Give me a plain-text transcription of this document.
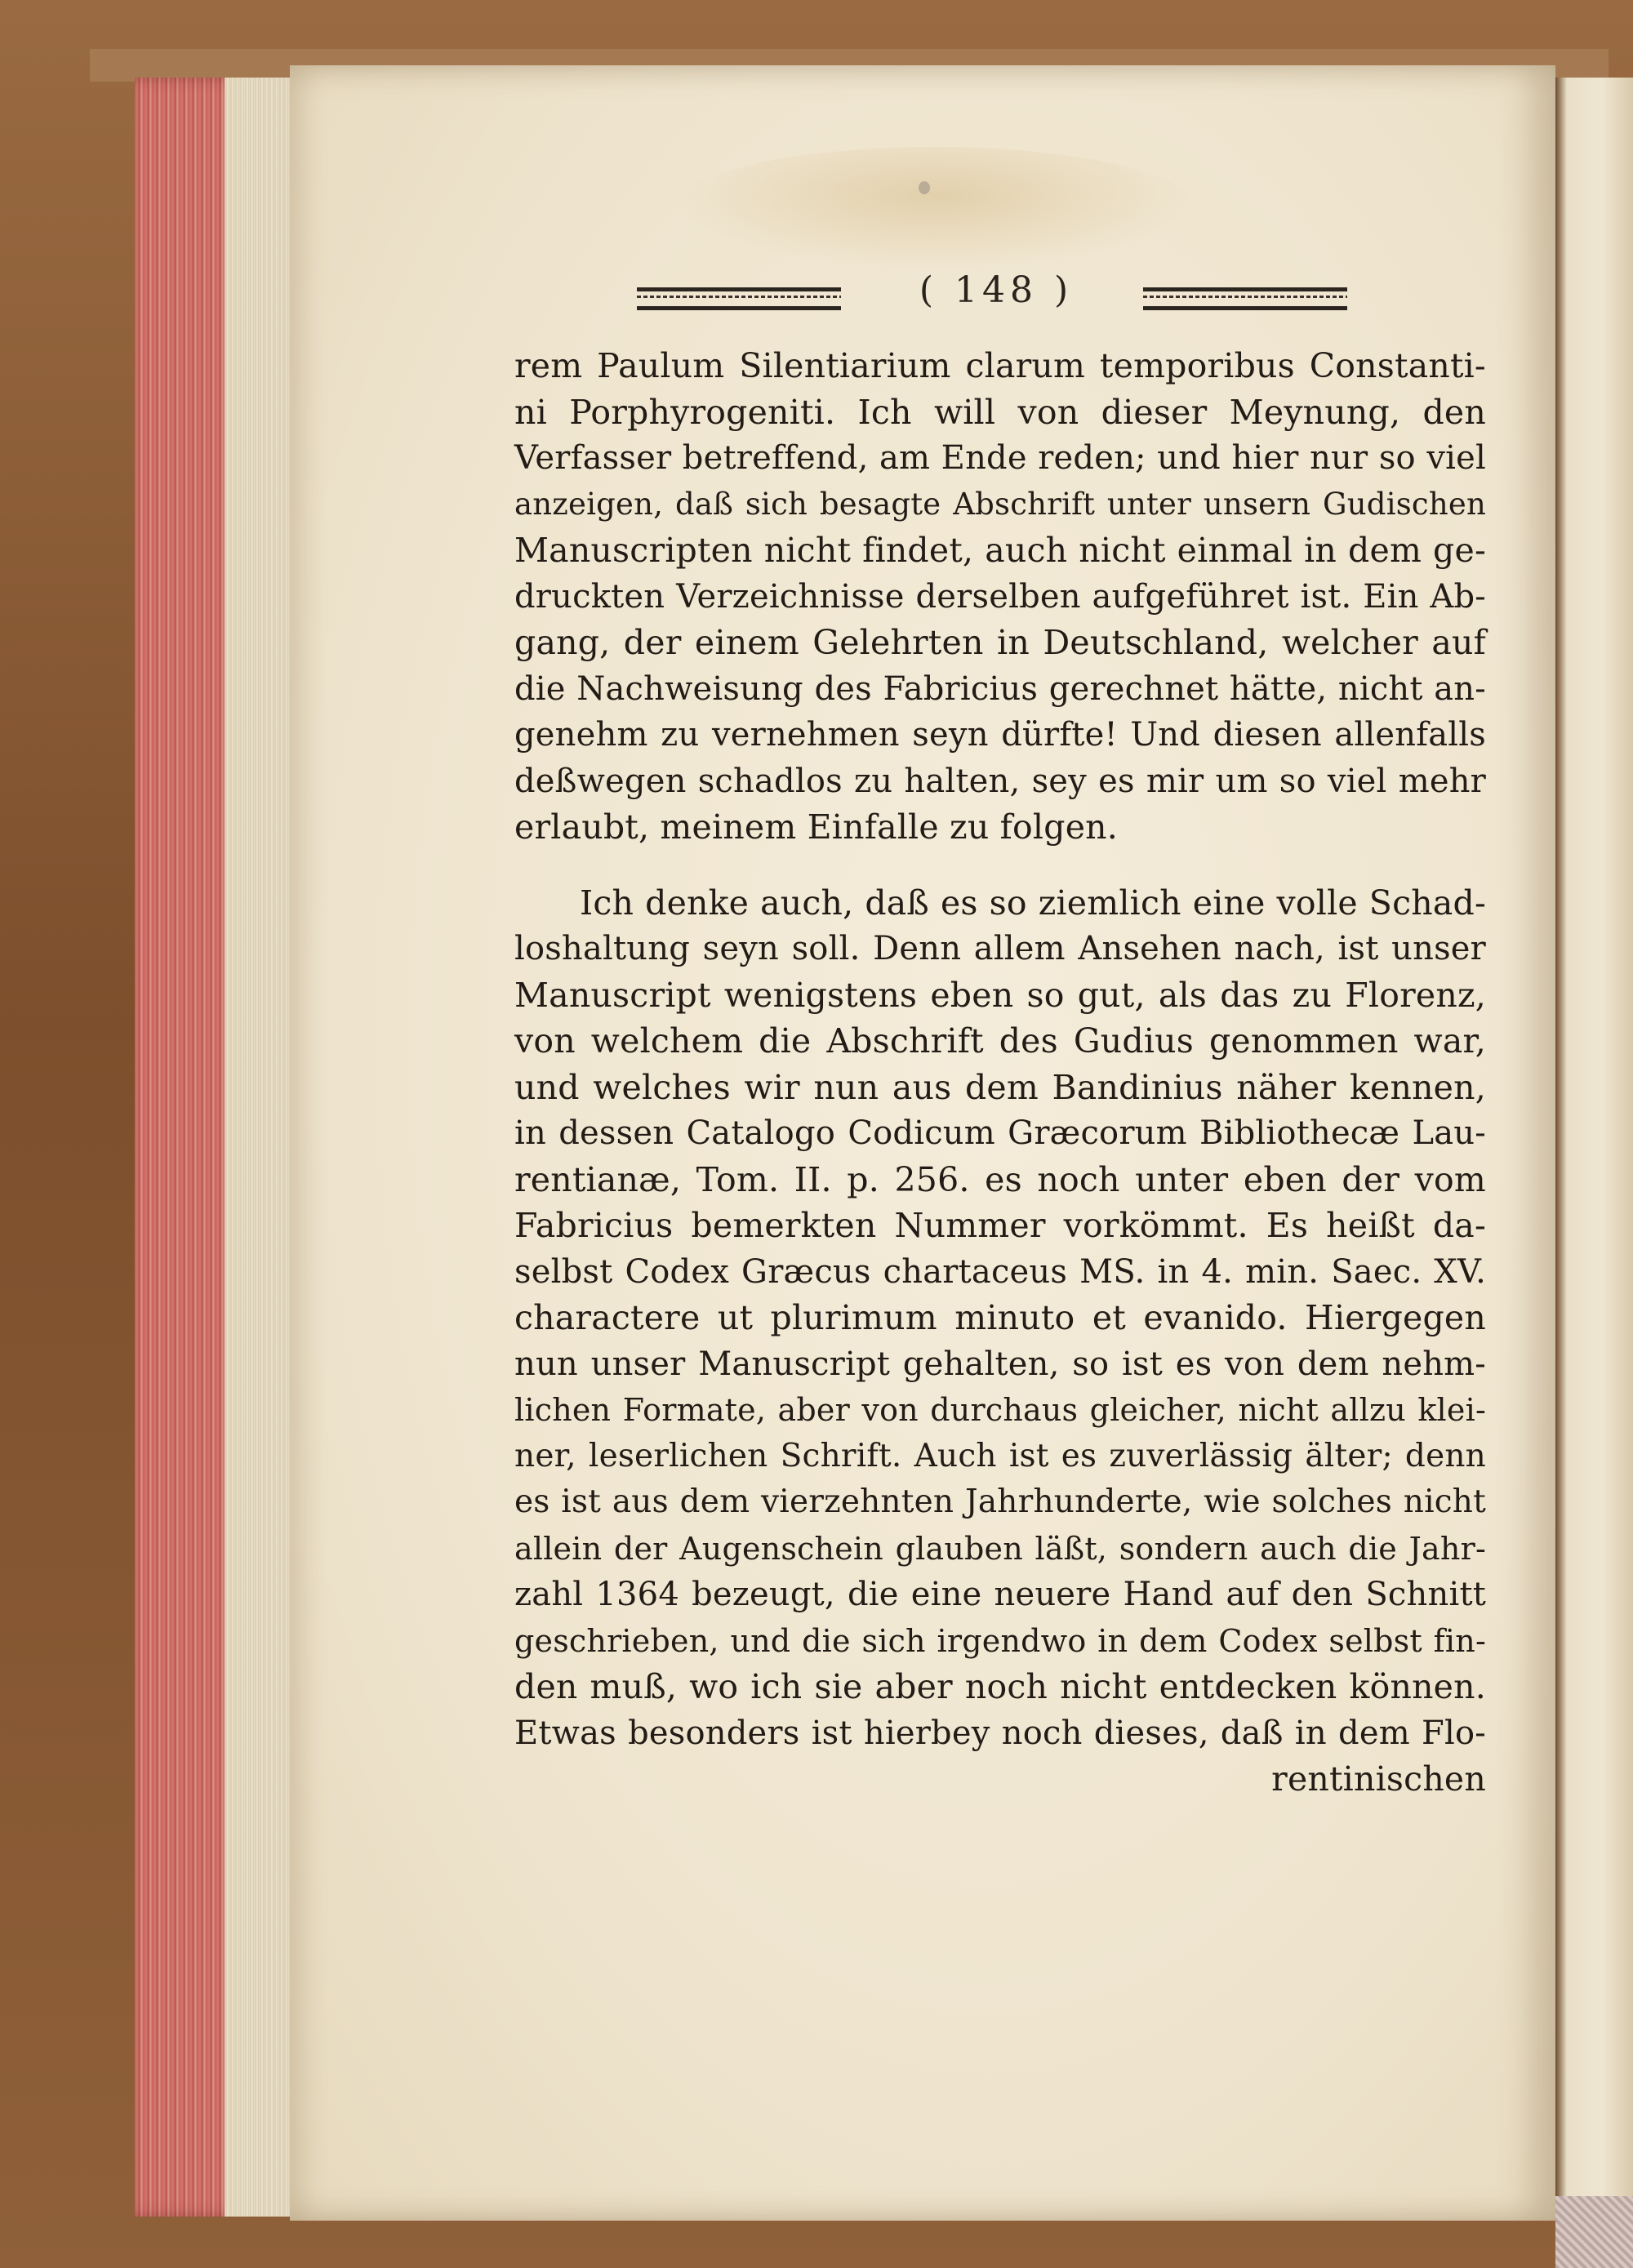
( 148 )
rem Paulum Silentiarium clarum temporibus Constanti-
ni Porphyrogeniti. Ich will von dieser Meynung, den
Verfasser betreffend, am Ende reden; und hier nur so viel
anzeigen, daß sich besagte Abschrift unter unsern Gudischen
Manuscripten nicht findet, auch nicht einmal in dem ge-
druckten Verzeichnisse derselben aufgeführet ist. Ein Ab-
gang, der einem Gelehrten in Deutschland, welcher auf
die Nachweisung des Fabricius gerechnet hätte, nicht an-
genehm zu vernehmen seyn dürfte! Und diesen allenfalls
deßwegen schadlos zu halten, sey es mir um so viel mehr
erlaubt, meinem Einfalle zu folgen.
Ich denke auch, daß es so ziemlich eine volle Schad-
loshaltung seyn soll. Denn allem Ansehen nach, ist unser
Manuscript wenigstens eben so gut, als das zu Florenz,
von welchem die Abschrift des Gudius genommen war,
und welches wir nun aus dem Bandinius näher kennen,
in dessen Catalogo Codicum Græcorum Bibliothecæ Lau-
rentianæ, Tom. II. p. 256. es noch unter eben der vom
Fabricius bemerkten Nummer vorkömmt. Es heißt da-
selbst Codex Græcus chartaceus MS. in 4. min. Saec. XV.
charactere ut plurimum minuto et evanido. Hiergegen
nun unser Manuscript gehalten, so ist es von dem nehm-
lichen Formate, aber von durchaus gleicher, nicht allzu klei-
ner, leserlichen Schrift. Auch ist es zuverlässig älter; denn
es ist aus dem vierzehnten Jahrhunderte, wie solches nicht
allein der Augenschein glauben läßt, sondern auch die Jahr-
zahl 1364 bezeugt, die eine neuere Hand auf den Schnitt
geschrieben, und die sich irgendwo in dem Codex selbst fin-
den muß, wo ich sie aber noch nicht entdecken können.
Etwas besonders ist hierbey noch dieses, daß in dem Flo-
rentinischen
